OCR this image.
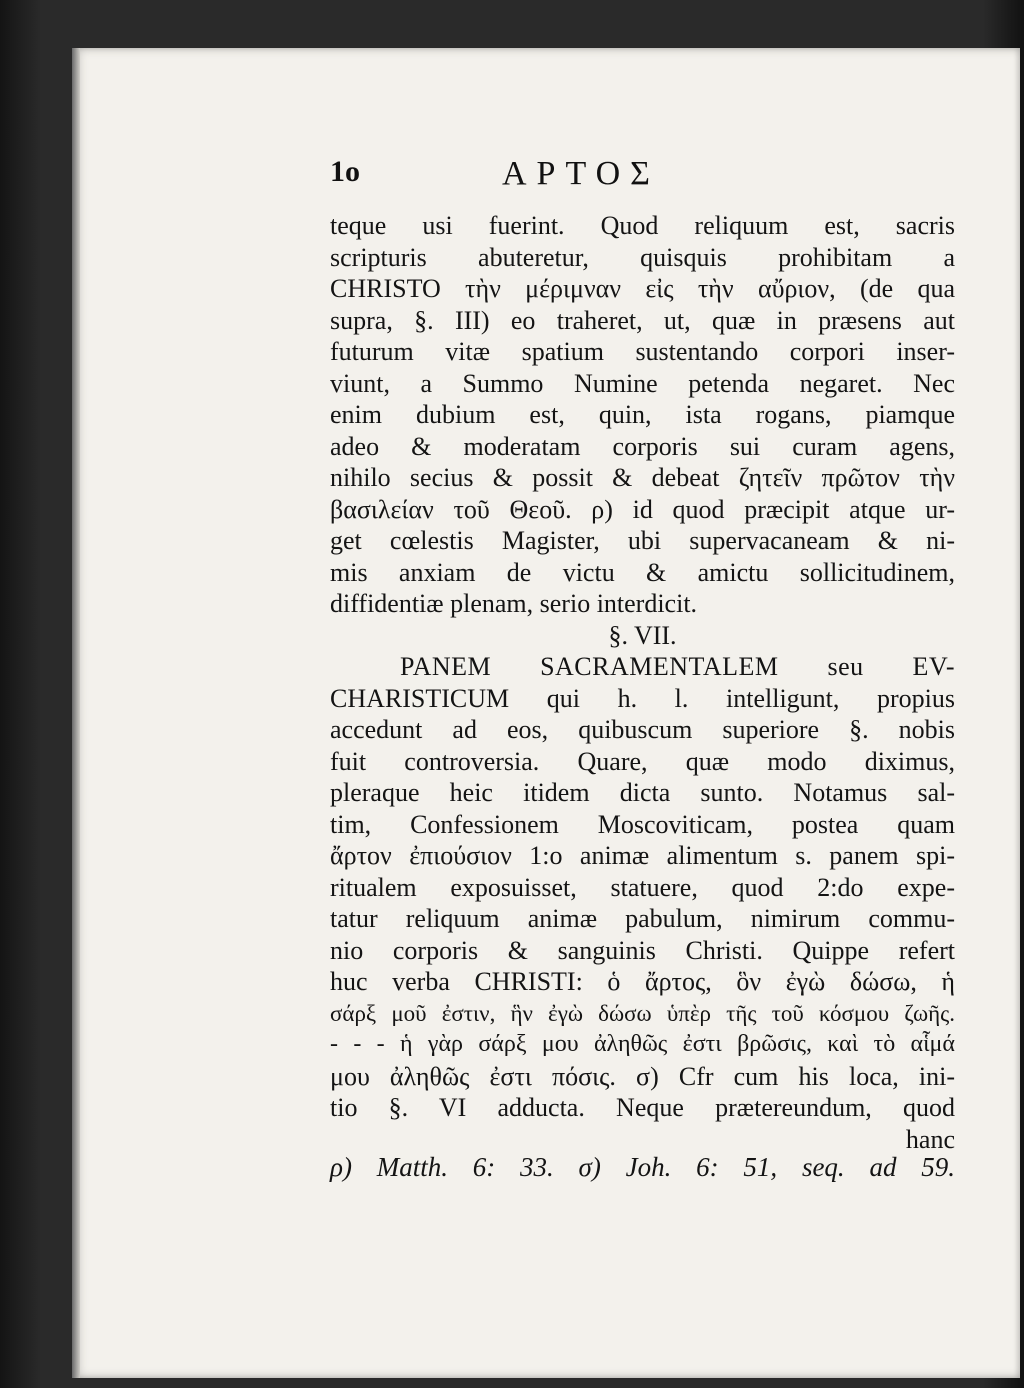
1o	ΑΡΤΟΣ
teque usi fuerint. Quod reliquum est, sacris
scripturis abuteretur, quisquis prohibitam a
CHRISTO τὴν μέριμναν εἰς τὴν αὔριον, (de qua
supra, §. III) eo traheret, ut, quæ in præsens aut
futurum vitæ spatium sustentando corpori inser-
viunt, a Summo Numine petenda negaret. Nec
enim dubium est, quin, ista rogans, piamque
adeo & moderatam corporis sui curam agens,
nihilo secius & possit & debeat ζητεῖν πρῶτον τὴν
βασιλείαν τοῦ Θεοῦ. ρ) id quod præcipit atque ur-
get cœlestis Magister, ubi supervacaneam & ni-
mis anxiam de victu & amictu sollicitudinem,
diffidentiæ plenam, serio interdicit.
§. VII.
PANEM SACRAMENTALEM seu EV-
CHARISTICUM qui h. l. intelligunt, propius
accedunt ad eos, quibuscum superiore §. nobis
fuit controversia. Quare, quæ modo diximus,
pleraque heic itidem dicta sunto. Notamus sal-
tim, Confessionem Moscoviticam, postea quam
ἄρτον ἐπιούσιον 1:o animæ alimentum s. panem spi-
ritualem exposuisset, statuere, quod 2:do expe-
tatur reliquum animæ pabulum, nimirum commu-
nio corporis & sanguinis Christi. Quippe refert
huc verba CHRISTI: ὁ ἄρτος, ὃν ἐγὼ δώσω, ἡ
σάρξ μοῦ ἐστιν, ἣν ἐγὼ δώσω ὑπὲρ τῆς τοῦ κόσμου ζωῆς.
- - - ἡ γὰρ σάρξ μου ἀληθῶς ἐστι βρῶσις, καὶ τὸ αἷμά
μου ἀληθῶς ἐστι πόσις. σ) Cfr cum his loca, ini-
tio §. VI adducta. Neque prætereundum, quod
hanc
ρ) Matth. 6: 33. σ) Joh. 6: 51, seq. ad 59.
